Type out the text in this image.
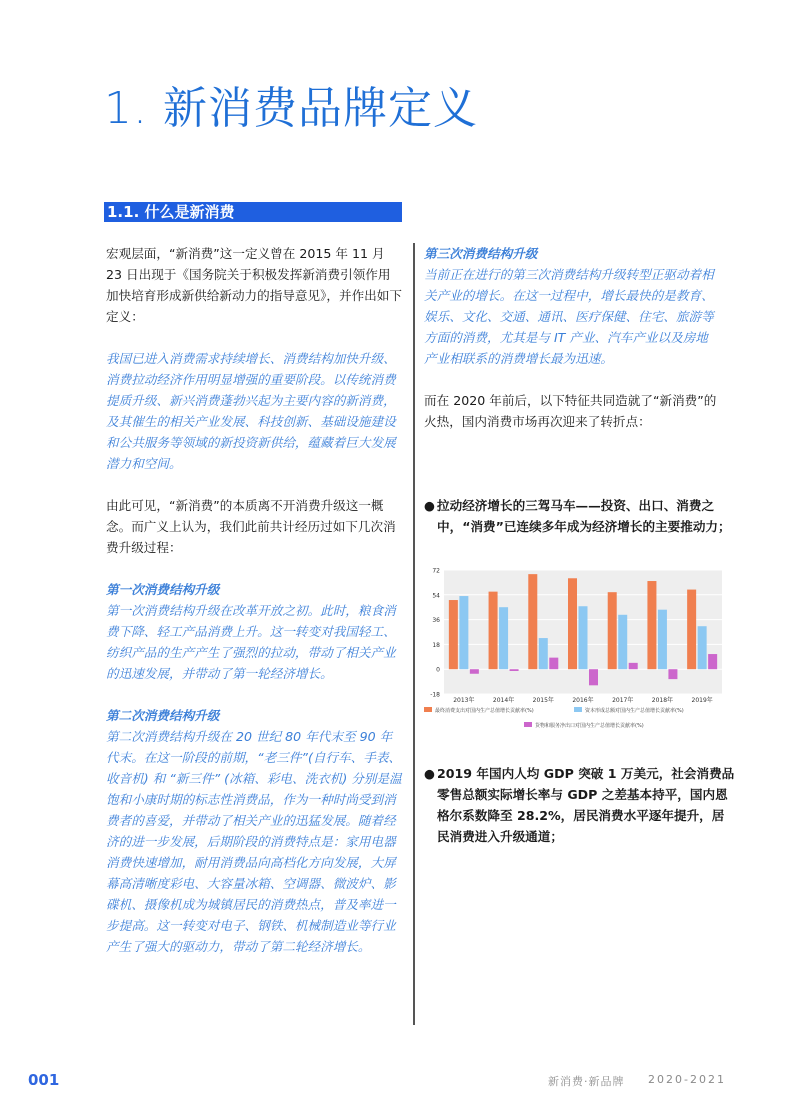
1. 新消费品牌定义
1.1. 什么是新消费

宏观层面，“新消费”这一定义曾在 2015 年 11 月 23 日出现于《国务院关于积极发挥新消费引领作用 加快培育形成新供给新动力的指导意见》，并作出如下定义：

我国已进入消费需求持续增长、消费结构加快升级、消费拉动经济作用明显增强的重要阶段。以传统消费提质升级、新兴消费蓬勃兴起为主要内容的新消费，及其催生的相关产业发展、科技创新、基础设施建设和公共服务等领域的新投资新供给，蕴藏着巨大发展潜力和空间。

由此可见，“新消费”的本质离不开消费升级这一概念。而广义上认为，我们此前共计经历过如下几次消费升级过程：

第一次消费结构升级

第一次消费结构升级在改革开放之初。此时，粮食消费下降、轻工产品消费上升。这一转变对我国轻工、纺织产品的生产产生了强烈的拉动，带动了相关产业的迅速发展，并带动了第一轮经济增长。

第二次消费结构升级

第二次消费结构升级在 20 世纪 80 年代末至 90 年代末。在这一阶段的前期，“老三件”(自行车、手表、收音机) 和 “新三件” (冰箱、彩电、洗衣机) 分别是温饱和小康时期的标志性消费品，作为一种时尚受到消费者的喜爱，并带动了相关产业的迅猛发展。随着经济的进一步发展，后期阶段的消费特点是：家用电器消费快速增加，耐用消费品向高档化方向发展，大屏幕高清晰度彩电、大容量冰箱、空调器、微波炉、影碟机、摄像机成为城镇居民的消费热点，普及率进一步提高。这一转变对电子、钢铁、机械制造业等行业产生了强大的驱动力，带动了第二轮经济增长。

第三次消费结构升级

当前正在进行的第三次消费结构升级转型正驱动着相关产业的增长。在这一过程中，增长最快的是教育、娱乐、文化、交通、通讯、医疗保健、住宅、旅游等方面的消费，尤其是与 IT 产业、汽车产业以及房地产业相联系的消费增长最为迅速。

而在 2020 年前后，以下特征共同造就了“新消费”的火热，国内消费市场再次迎来了转折点：

● 拉动经济增长的三驾马车——投资、出口、消费之中，“消费”已连续多年成为经济增长的主要推动力；
-18
0
18
36
54
72
2013年	2014年	2015年	2016年	2017年	2018年	2019年
最终消费支出对国内生产总值增长贡献率(%)	资本形成总额对国内生产总值增长贡献率(%)
货物和服务净出口对国内生产总值增长贡献率(%)
● 2019 年国内人均 GDP 突破 1 万美元，社会消费品零售总额实际增长率与 GDP 之差基本持平，国内恩格尔系数降至 28.2%，居民消费水平逐年提升，居民消费进入升级通道；
001	新消费·新品牌 2020-2021
